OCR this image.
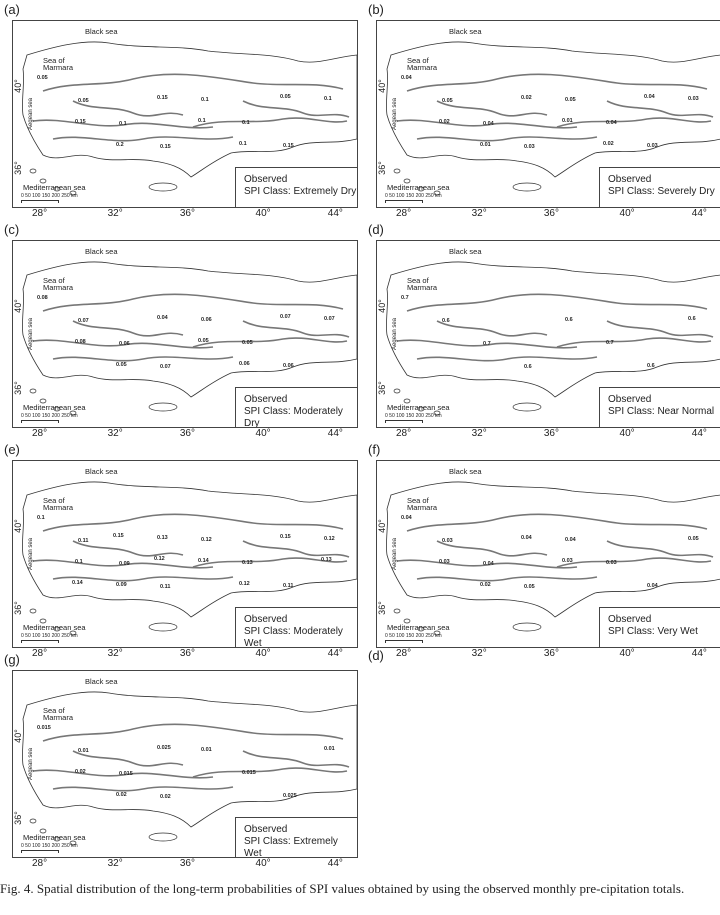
(a)
0.05
0.05
0.1
0.15
0.1
0.1
0.15
0.1
0.15
0.2
0.15
0.1
0.1
0.05
Black sea
Sea of Marmara
Aegean sea
Mediterranean sea
40°
36°
0 50 100 150 200 250 km
Observed
SPI Class: Extremely Dry
28°	32°	36°	40°	44°
(b)
0.04
0.05
0.04
0.03
0.05
0.04
0.03
0.03
0.02
0.01
0.02
0.01
0.02
0.04
Black sea
Sea of Marmara
Aegean sea
Mediterranean sea
40°
36°
0 50 100 150 200 250 km
Observed
SPI Class: Severely Dry
28°	32°	36°	40°	44°
(c)
0.08
0.07
0.06
0.07
0.06
0.05
0.06
0.07
0.08
0.05
0.04
0.05
0.06
0.07
Black sea
Sea of Marmara
Aegean sea
Mediterranean sea
40°
36°
0 50 100 150 200 250 km
Observed
SPI Class: Moderately Dry
28°	32°	36°	40°	44°
(d)
0.7
0.6
0.7
0.6
0.6
0.7
0.6
0.6
Black sea
Sea of Marmara
Aegean sea
Mediterranean sea
40°
36°
0 50 100 150 200 250 km
Observed
SPI Class: Near Normal
28°	32°	36°	40°	44°
(e)
0.1
0.11
0.09
0.11
0.12
0.13
0.11
0.12
0.1
0.09
0.13
0.14
0.12
0.15
0.13
0.14
0.15
0.12
Black sea
Sea of Marmara
Aegean sea
Mediterranean sea
40°
36°
0 50 100 150 200 250 km
Observed
SPI Class: Moderately Wet
28°	32°	36°	40°	44°
(f)
0.04
0.03
0.04
0.05
0.04
0.03
0.04
0.05
0.03
0.02
0.04
0.03
Black sea
Sea of Marmara
Aegean sea
Mediterranean sea
40°
36°
0 50 100 150 200 250 km
Observed
SPI Class: Very Wet
28°	32°	36°	40°	44°
(g)
0.015
0.01
0.015
0.02
0.01
0.015
0.025
0.01
0.02
0.02
0.025
Black sea
Sea of Marmara
Aegean sea
Mediterranean sea
40°
36°
0 50 100 150 200 250 km
Observed
SPI Class: Extremely Wet
28°	32°	36°	40°	44°
(d)
Fig. 4. Spatial distribution of the long-term probabilities of SPI values obtained by using the observed monthly pre-cipitation totals.
